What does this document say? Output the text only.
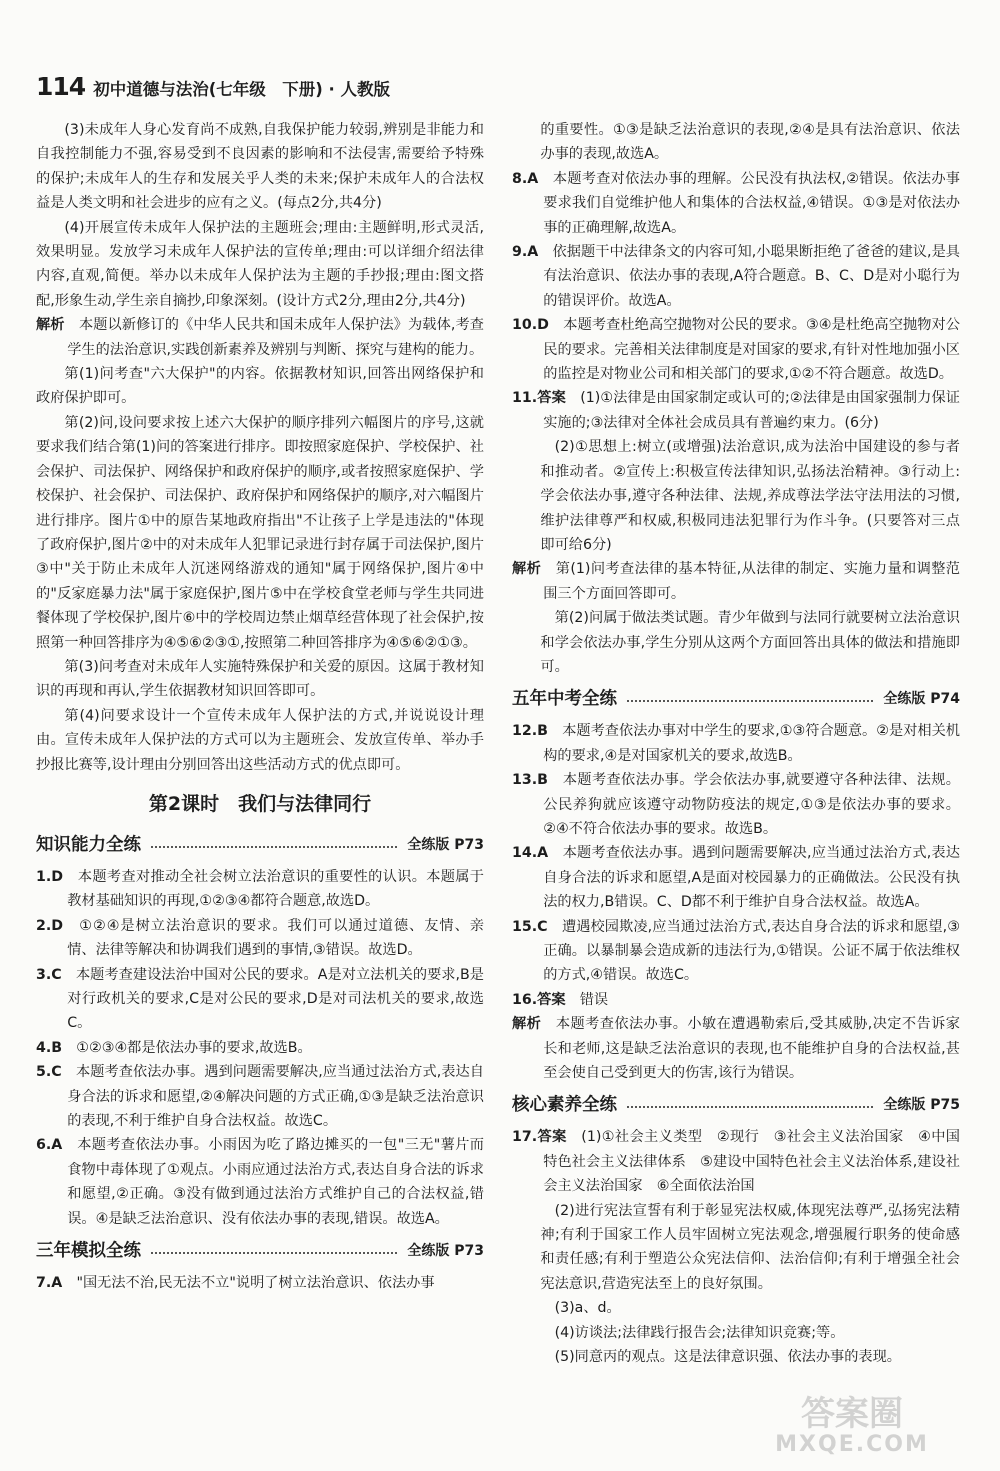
114 初中道德与法治(七年级　下册) · 人教版

(3)未成年人身心发育尚不成熟,自我保护能力较弱,辨别是非能力和自我控制能力不强,容易受到不良因素的影响和不法侵害,需要给予特殊的保护;未成年人的生存和发展关乎人类的未来;保护未成年人的合法权益是人类文明和社会进步的应有之义。(每点2分,共4分)

(4)开展宣传未成年人保护法的主题班会;理由:主题鲜明,形式灵活,效果明显。发放学习未成年人保护法的宣传单;理由:可以详细介绍法律内容,直观,简便。举办以未成年人保护法为主题的手抄报;理由:图文搭配,形象生动,学生亲自摘抄,印象深刻。(设计方式2分,理由2分,共4分)

解析　 本题以新修订的《中华人民共和国未成年人保护法》为载体,考查学生的法治意识,实践创新素养及辨别与判断、探究与建构的能力。

第(1)问考查"六大保护"的内容。依据教材知识,回答出网络保护和政府保护即可。

第(2)问,设问要求按上述六大保护的顺序排列六幅图片的序号,这就要求我们结合第(1)问的答案进行排序。即按照家庭保护、学校保护、社会保护、司法保护、网络保护和政府保护的顺序,或者按照家庭保护、学校保护、社会保护、司法保护、政府保护和网络保护的顺序,对六幅图片进行排序。图片①中的原告某地政府指出"不让孩子上学是违法的"体现了政府保护,图片②中的对未成年人犯罪记录进行封存属于司法保护,图片③中"关于防止未成年人沉迷网络游戏的通知"属于网络保护,图片④中的"反家庭暴力法"属于家庭保护,图片⑤中在学校食堂老师与学生共同进餐体现了学校保护,图片⑥中的学校周边禁止烟草经营体现了社会保护,按照第一种回答排序为④⑤⑥②③①,按照第二种回答排序为④⑤⑥②①③。

第(3)问考查对未成年人实施特殊保护和关爱的原因。这属于教材知识的再现和再认,学生依据教材知识回答即可。

第(4)问要求设计一个宣传未成年人保护法的方式,并说说设计理由。宣传未成年人保护法的方式可以为主题班会、发放宣传单、举办手抄报比赛等,设计理由分别回答出这些活动方式的优点即可。

第2课时　我们与法律同行
知识能力全练	全练版 P73

1.D　 本题考查对推动全社会树立法治意识的重要性的认识。本题属于教材基础知识的再现,①②③④都符合题意,故选D。

2.D　 ①②④是树立法治意识的要求。我们可以通过道德、友情、亲情、法律等解决和协调我们遇到的事情,③错误。故选D。

3.C　 本题考查建设法治中国对公民的要求。A是对立法机关的要求,B是对行政机关的要求,C是对公民的要求,D是对司法机关的要求,故选C。

4.B　 ①②③④都是依法办事的要求,故选B。

5.C　 本题考查依法办事。遇到问题需要解决,应当通过法治方式,表达自身合法的诉求和愿望,②④解决问题的方式正确,①③是缺乏法治意识的表现,不利于维护自身合法权益。故选C。

6.A　 本题考查依法办事。小雨因为吃了路边摊买的一包"三无"薯片而食物中毒体现了①观点。小雨应通过法治方式,表达自身合法的诉求和愿望,②正确。③没有做到通过法治方式维护自己的合法权益,错误。④是缺乏法治意识、没有依法办事的表现,错误。故选A。

三年模拟全练	全练版 P73

7.A　 "国无法不治,民无法不立"说明了树立法治意识、依法办事

的重要性。①③是缺乏法治意识的表现,②④是具有法治意识、依法办事的表现,故选A。

8.A　 本题考查对依法办事的理解。公民没有执法权,②错误。依法办事要求我们自觉维护他人和集体的合法权益,④错误。①③是对依法办事的正确理解,故选A。

9.A　 依据题干中法律条文的内容可知,小聪果断拒绝了爸爸的建议,是具有法治意识、依法办事的表现,A符合题意。B、C、D是对小聪行为的错误评价。故选A。

10.D　 本题考查杜绝高空抛物对公民的要求。③④是杜绝高空抛物对公民的要求。完善相关法律制度是对国家的要求,有针对性地加强小区的监控是对物业公司和相关部门的要求,①②不符合题意。故选D。

11.答案　 (1)①法律是由国家制定或认可的;②法律是由国家强制力保证实施的;③法律对全体社会成员具有普遍约束力。(6分)

(2)①思想上:树立(或增强)法治意识,成为法治中国建设的参与者和推动者。②宣传上:积极宣传法律知识,弘扬法治精神。③行动上:学会依法办事,遵守各种法律、法规,养成尊法学法守法用法的习惯,维护法律尊严和权威,积极同违法犯罪行为作斗争。(只要答对三点即可给6分)

解析　 第(1)问考查法律的基本特征,从法律的制定、实施力量和调整范围三个方面回答即可。

第(2)问属于做法类试题。青少年做到与法同行就要树立法治意识和学会依法办事,学生分别从这两个方面回答出具体的做法和措施即可。

五年中考全练	全练版 P74

12.B　 本题考查依法办事对中学生的要求,①③符合题意。②是对相关机构的要求,④是对国家机关的要求,故选B。

13.B　 本题考查依法办事。学会依法办事,就要遵守各种法律、法规。公民养狗就应该遵守动物防疫法的规定,①③是依法办事的要求。②④不符合依法办事的要求。故选B。

14.A　 本题考查依法办事。遇到问题需要解决,应当通过法治方式,表达自身合法的诉求和愿望,A是面对校园暴力的正确做法。公民没有执法的权力,B错误。C、D都不利于维护自身合法权益。故选A。

15.C　 遭遇校园欺凌,应当通过法治方式,表达自身合法的诉求和愿望,③正确。以暴制暴会造成新的违法行为,①错误。公证不属于依法维权的方式,④错误。故选C。

16.答案　 错误

解析　 本题考查依法办事。小敏在遭遇勒索后,受其威胁,决定不告诉家长和老师,这是缺乏法治意识的表现,也不能维护自身的合法权益,甚至会使自己受到更大的伤害,该行为错误。

核心素养全练	全练版 P75

17.答案　 (1)①社会主义类型　②现行　③社会主义法治国家　④中国特色社会主义法律体系　⑤建设中国特色社会主义法治体系,建设社会主义法治国家　⑥全面依法治国

(2)进行宪法宣誓有利于彰显宪法权威,体现宪法尊严,弘扬宪法精神;有利于国家工作人员牢固树立宪法观念,增强履行职务的使命感和责任感;有利于塑造公众宪法信仰、法治信仰;有利于增强全社会宪法意识,营造宪法至上的良好氛围。

(3)a、d。

(4)访谈法;法律践行报告会;法律知识竞赛;等。

(5)同意丙的观点。这是法律意识强、依法办事的表现。

答案圈
MXQE.COM
